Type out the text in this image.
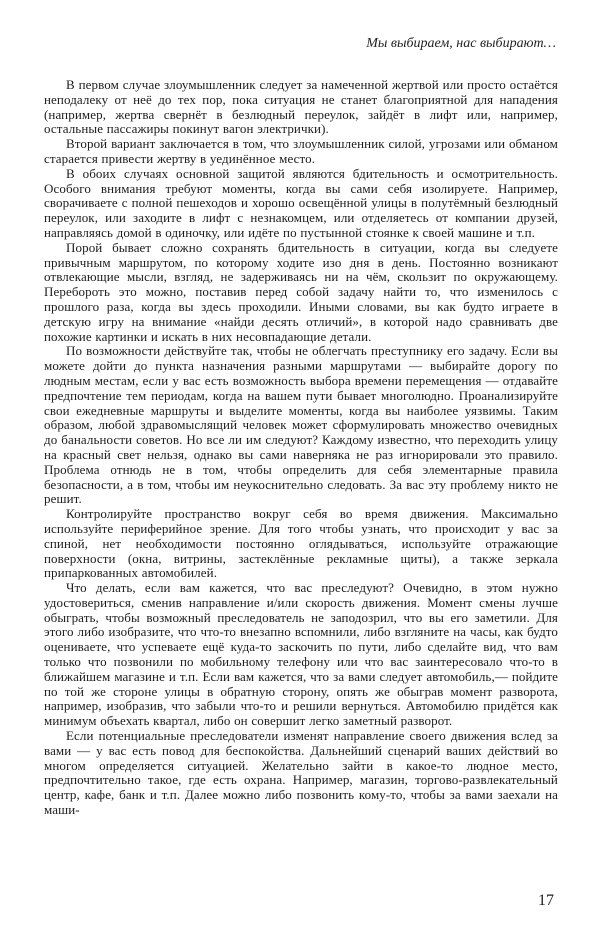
Мы выбираем, нас выбирают…

В первом случае злоумышленник следует за намеченной жертвой или просто остаётся неподалеку от неё до тех пор, пока ситуация не станет благоприятной для нападения (например, жертва свернёт в безлюдный переулок, зайдёт в лифт или, например, остальные пассажиры покинут вагон электрички).

Второй вариант заключается в том, что злоумышленник силой, угрозами или обманом старается привести жертву в уединённое место.

В обоих случаях основной защитой являются бдительность и осмотрительность. Особого внимания требуют моменты, когда вы сами себя изолируете. Например, сворачиваете с полной пешеходов и хорошо освещённой улицы в полутёмный безлюдный переулок, или заходите в лифт с незнакомцем, или отделяетесь от компании друзей, направляясь домой в одиночку, или идёте по пустынной стоянке к своей машине и т.п.

Порой бывает сложно сохранять бдительность в ситуации, когда вы следуете привычным маршрутом, по которому ходите изо дня в день. Постоянно возникают отвлекающие мысли, взгляд, не задерживаясь ни на чём, скользит по окружающему. Перебороть это можно, поставив перед собой задачу найти то, что изменилось с прошлого раза, когда вы здесь проходили. Иными словами, вы как будто играете в детскую игру на внимание «найди десять отличий», в которой надо сравнивать две похожие картинки и искать в них несовпадающие детали.

По возможности действуйте так, чтобы не облегчать преступнику его задачу. Если вы можете дойти до пункта назначения разными маршрутами — выбирайте дорогу по людным местам, если у вас есть возможность выбора времени перемещения — отдавайте предпочтение тем периодам, когда на вашем пути бывает многолюдно. Проанализируйте свои ежедневные маршруты и выделите моменты, когда вы наиболее уязвимы. Таким образом, любой здравомыслящий человек может сформулировать множество очевидных до банальности советов. Но все ли им следуют? Каждому известно, что переходить улицу на красный свет нельзя, однако вы сами наверняка не раз игнорировали это правило. Проблема отнюдь не в том, чтобы определить для себя элементарные правила безопасности, а в том, чтобы им неукоснительно следовать. За вас эту проблему никто не решит.

Контролируйте пространство вокруг себя во время движения. Максимально используйте периферийное зрение. Для того чтобы узнать, что происходит у вас за спиной, нет необходимости постоянно оглядываться, используйте отражающие поверхности (окна, витрины, застеклённые рекламные щиты), а также зеркала припаркованных автомобилей.

Что делать, если вам кажется, что вас преследуют? Очевидно, в этом нужно удостовериться, сменив направление и/или скорость движения. Момент смены лучше обыграть, чтобы возможный преследователь не заподозрил, что вы его заметили. Для этого либо изобразите, что что-то внезапно вспомнили, либо взгляните на часы, как будто оцениваете, что успеваете ещё куда-то заскочить по пути, либо сделайте вид, что вам только что позвонили по мобильному телефону или что вас заинтересовало что-то в ближайшем магазине и т.п. Если вам кажется, что за вами следует автомобиль,— пойдите по той же стороне улицы в обратную сторону, опять же обыграв момент разворота, например, изобразив, что забыли что-то и решили вернуться. Автомобилю придётся как минимум объехать квартал, либо он совершит легко заметный разворот.

Если потенциальные преследователи изменят направление своего движения вслед за вами — у вас есть повод для беспокойства. Дальнейший сценарий ваших действий во многом определяется ситуацией. Желательно зайти в какое-то людное место, предпочтительно такое, где есть охрана. Например, магазин, торгово-развлекательный центр, кафе, банк и т.п. Далее можно либо позвонить кому-то, чтобы за вами заехали на маши-

17
